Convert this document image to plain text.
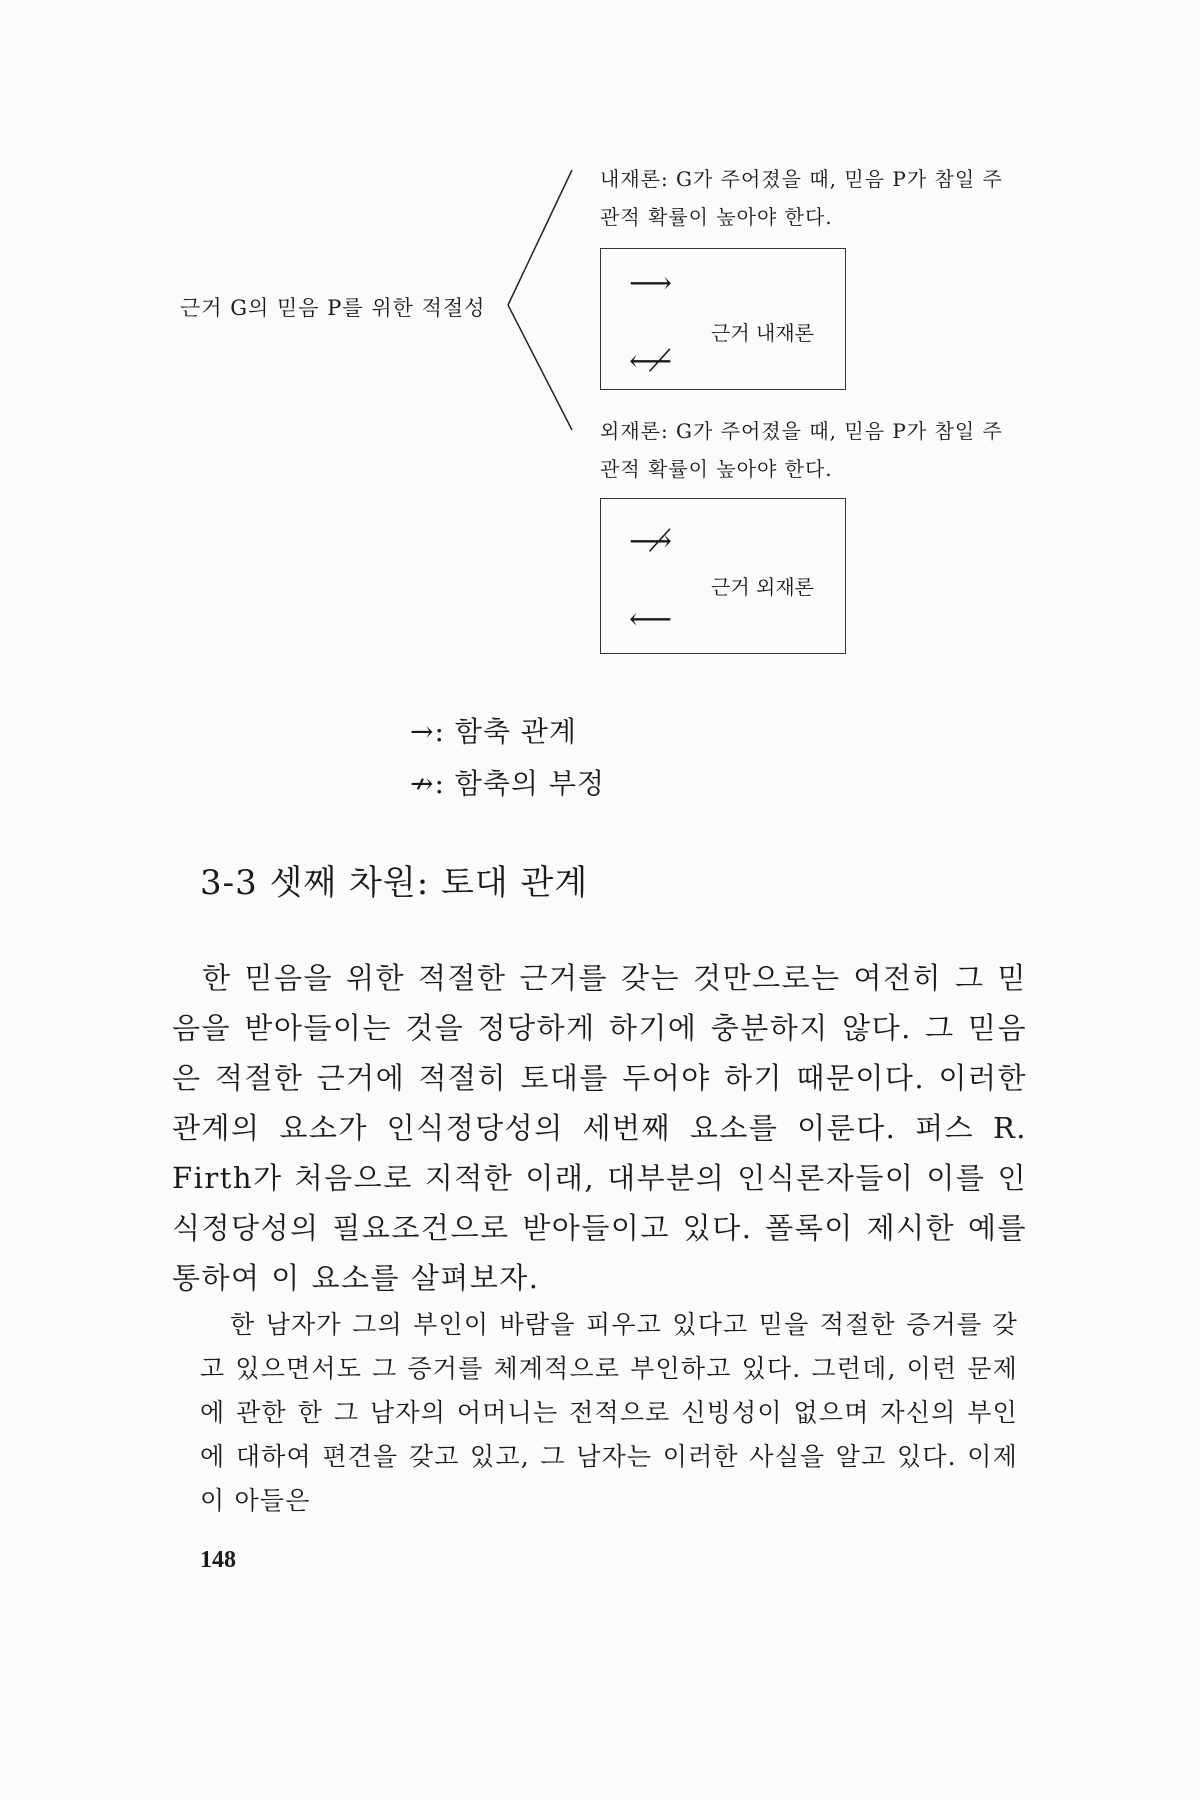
근거 G의 믿음 P를 위한 적절성
내재론: G가 주어졌을 때, 믿음 P가 참일 주관적 확률이 높아야 한다.
⟶
근거 내재론
⟵̸
외재론: G가 주어졌을 때, 믿음 P가 참일 주관적 확률이 높아야 한다.
⟶̸
근거 외재론
⟵
→: 함축 관계
↛: 함축의 부정
3-3 셋째 차원: 토대 관계
한 믿음을 위한 적절한 근거를 갖는 것만으로는 여전히 그 믿음을 받아들이는 것을 정당하게 하기에 충분하지 않다. 그 믿음은 적절한 근거에 적절히 토대를 두어야 하기 때문이다. 이러한 관계의 요소가 인식정당성의 세번째 요소를 이룬다. 퍼스 R. Firth가 처음으로 지적한 이래, 대부분의 인식론자들이 이를 인식정당성의 필요조건으로 받아들이고 있다. 폴록이 제시한 예를 통하여 이 요소를 살펴보자.
한 남자가 그의 부인이 바람을 피우고 있다고 믿을 적절한 증거를 갖고 있으면서도 그 증거를 체계적으로 부인하고 있다. 그런데, 이런 문제에 관한 한 그 남자의 어머니는 전적으로 신빙성이 없으며 자신의 부인에 대하여 편견을 갖고 있고, 그 남자는 이러한 사실을 알고 있다. 이제 이 아들은
148
